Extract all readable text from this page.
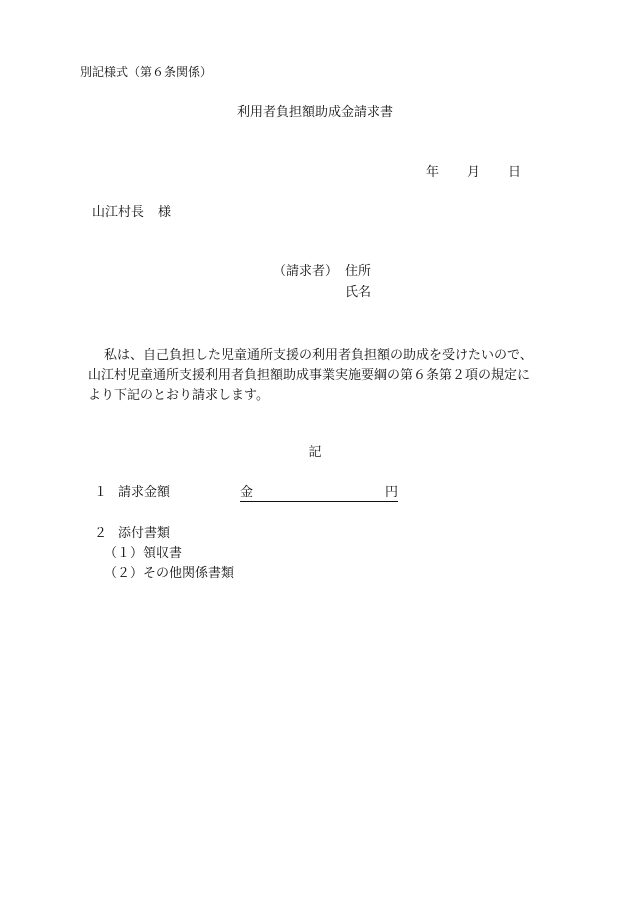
別記様式（第６条関係）
利用者負担額助成金請求書
年 月 日
山江村長 様
（請求者） 住所
氏名
私は、自己負担した児童通所支援の利用者負担額の助成を受けたいので、
山江村児童通所支援利用者負担額助成事業実施要綱の第６条第２項の規定に
より下記のとおり請求します。
記
１ 請求金額	金	円
２ 添付書類
（１）領収書
（２）その他関係書類
